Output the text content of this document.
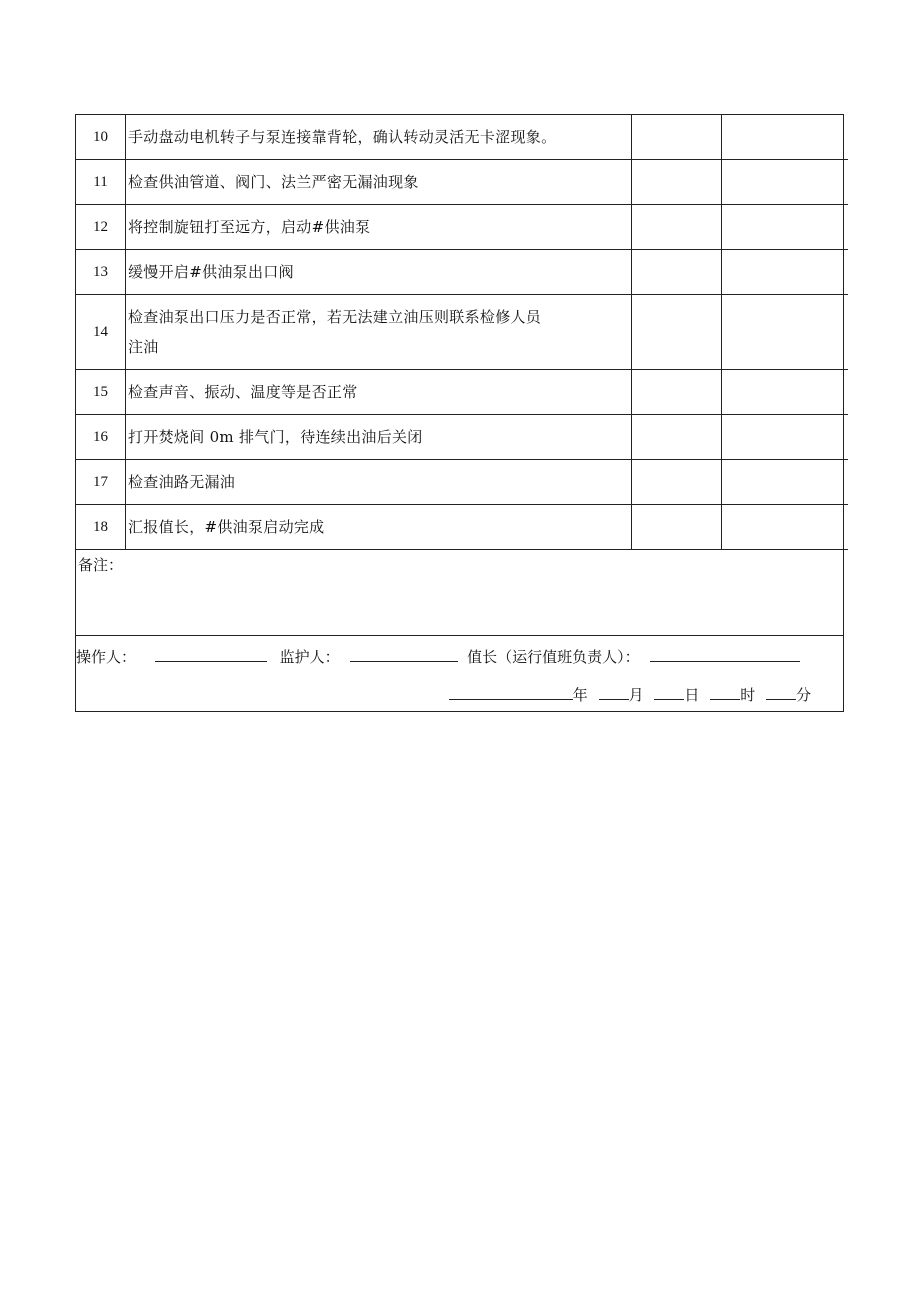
10	手动盘动电机转子与泵连接靠背轮，确认转动灵活无卡涩现象。		

11	检查供油管道、阀门、法兰严密无漏油现象		

12	将控制旋钮打至远方，启动#供油泵		

13	缓慢开启#供油泵出口阀		

14	检查油泵出口压力是否正常，若无法建立油压则联系检修人员
注油		

15	检查声音、振动、温度等是否正常		

16	打开焚烧间 0m 排气门，待连续出油后关闭		

17	检查油路无漏油		

18	汇报值长，#供油泵启动完成		

备注：
操作人：	监护人：	值长（运行值班负责人）：
年	月	日	时	分
